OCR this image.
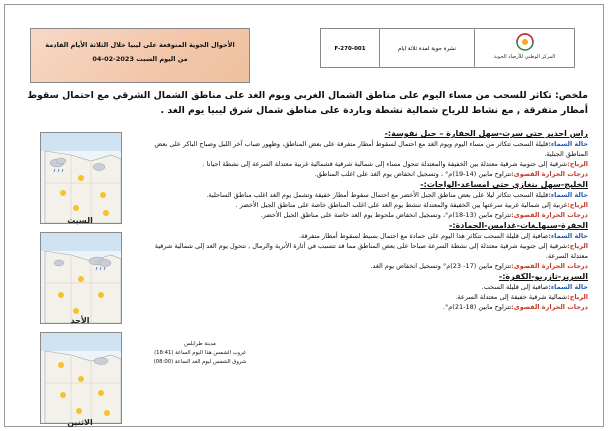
الأحوال الجوية المتوقعة على ليبيا خلال الثلاثة الأيام القادمة
من اليوم السبت 2023-02-04
F-270-001	نشرة جوية لمدة ثلاثة ايام
المركز الوطني للأرصاد الجوية
ملخص: تكاثر للسحب من مساء اليوم على مناطق الشمال الغربي ويوم الغد على مناطق الشمال الشرقي مع احتمال سقوط أمطار متفرقة , مع نشاط للرياح شمالية نشطة وباردة على مناطق شمال شرق ليبيا يوم الغد .
السبت
الأحد
الاثنين
مدينة طرابلس
غروب الشمس هذا اليوم الساعة (18:41)
شروق الشمس ليوم الغد الساعة (08:00)
راس اجدير حتى سرت-سهل الجفارة – جبل نفوسة:-
حالة السماء:قليلة السحب تتكاثر من مساء اليوم ويوم الغد مع احتمال لسقوط أمطار متفرقة على بعض المناطق، وظهور ضباب آخر الليل وصباح الباكر على بعض المناطق الجبلية.
الرياح:شرقية إلى جنوبية شرقية معتدلة بين الخفيفة والمعتدلة تتحول مساء إلى شمالية شرقية فشمالية غربية معتدلة السرعة إلى نشطة احيانا .
درجات الحرارة القصوى:تتراوح مابين (14-19)م° ، وتسجيل انخفاض يوم الغد على اغلب المناطق.
الخليج-سهل بنغازي حتى امساعد-الواحات:-
حالة السماء:قليلة السحب تتكاثر ليلا على بعض مناطق الجبل الأخضر مع احتمال سقوط أمطار خفيفة وتشمل يوم الغد اغلب مناطق الساحلية.
الرياح:غربية إلى شمالية غربية سرعتها بين الخفيفة والمعتدلة تنشط يوم الغد على اغلب المناطق خاصة على مناطق الجبل الأخضر .
درجات الحرارة القصوى:تتراوح مابين (13-18)م°، وتسجيل انخفاض ملحوظ يوم الغد خاصة على مناطق الجبل الأخضر.
الجفرة-سبهاـغات-غدامس-الحمادة:-
حالة السماء:صافية إلى قليلة السحب تتكاثر هذا اليوم على حمادة مع احتمال بسيط لسقوط أمطار متفرقة.
الرياح:شرقية إلى جنوبية شرقية معتدلة إلى نشطة السرعة صباحا على بعض المناطق مما قد تتسبب في أثارة الأتربة والرمال , تتحول يوم الغد إلى شمالية شرقية معتدلة السرعة.
درجات الحرارة القصوى:تتراوح مابين (17- 23)م° وتسجيل انخفاض يوم الغد.
السرير-تازربو-الكفرة:-
حالة السماء:صافية إلى قليلة السحب.
الرياح:شمالية شرقية خفيفة إلى معتدلة السرعة.
درجات الحرارة القصوى:تتراوح مابين (18-21)م°.
